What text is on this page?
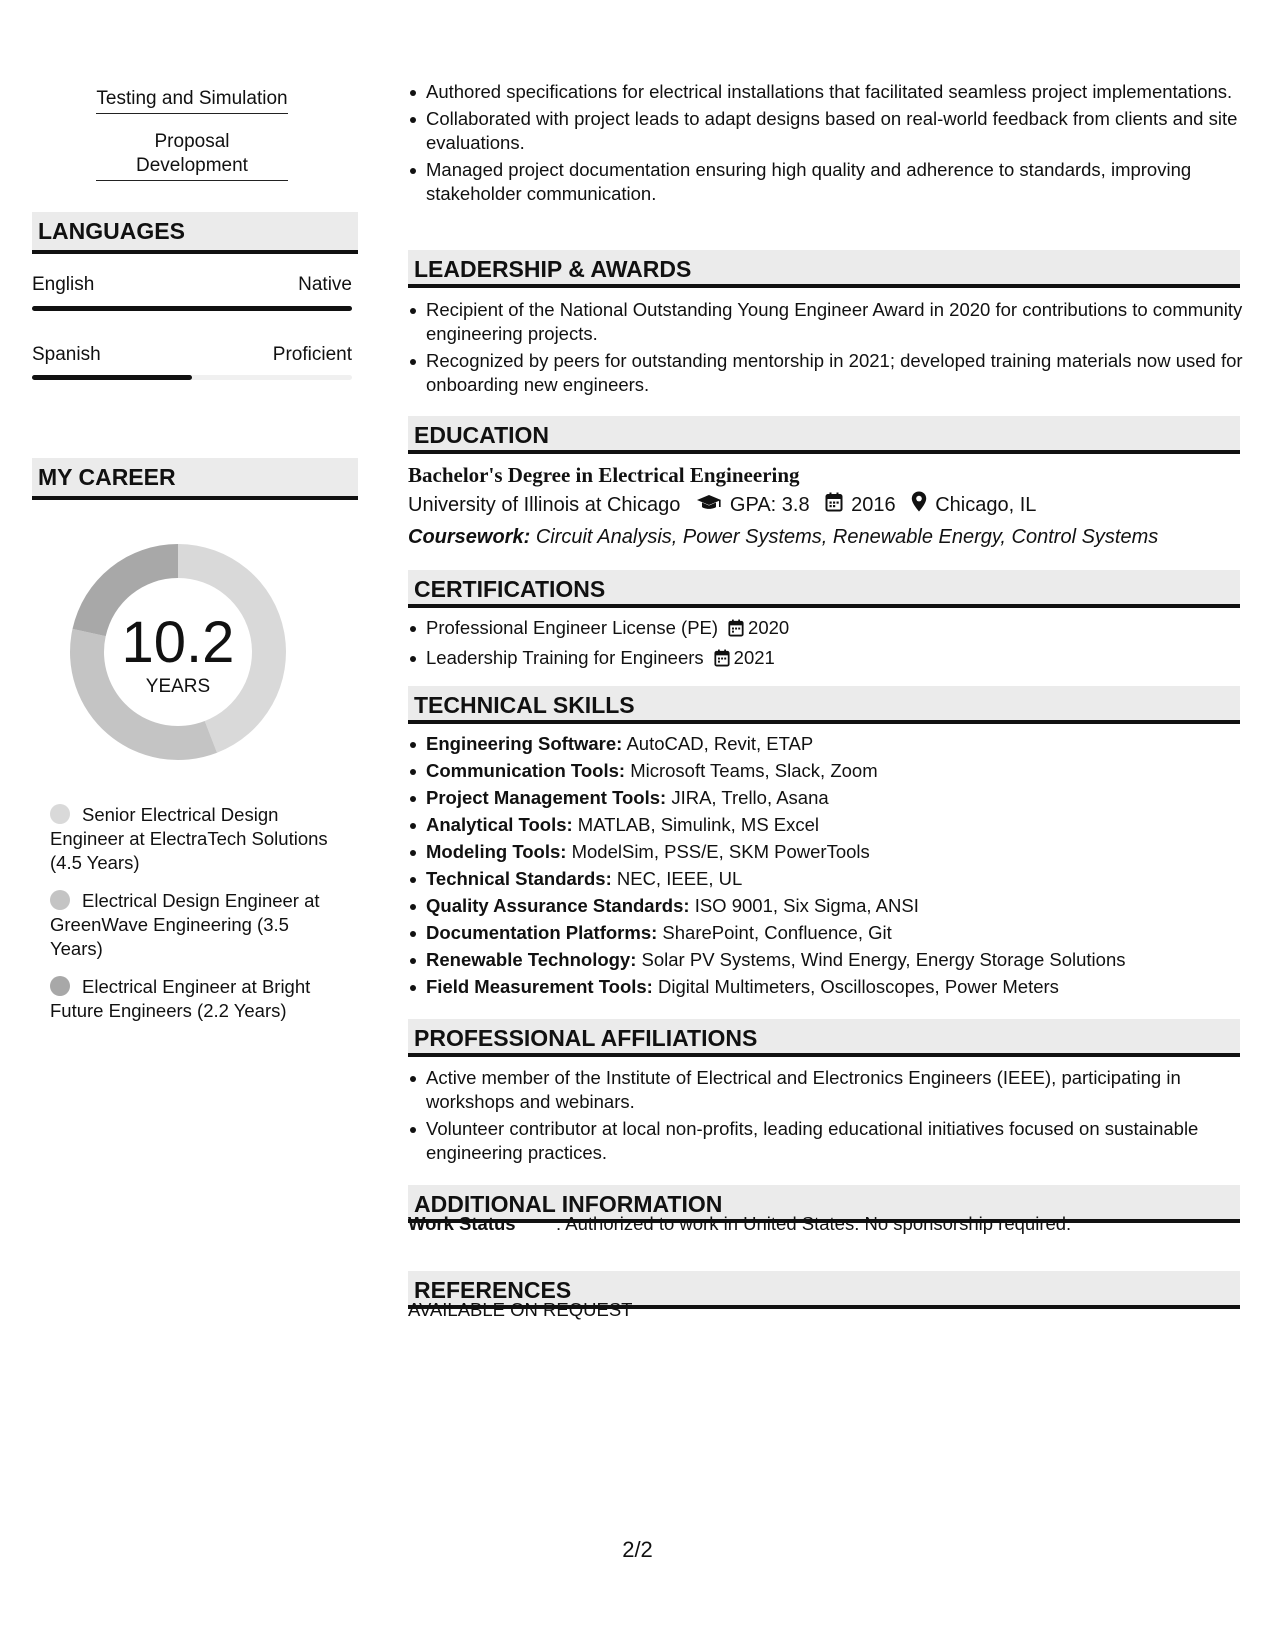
Testing and Simulation
Proposal Development
LANGUAGES
English	Native
Spanish	Proficient
MY CAREER
10.2
YEARS
Senior Electrical Design Engineer at ElectraTech Solutions (4.5 Years)
Electrical Design Engineer at GreenWave Engineering (3.5 Years)
Electrical Engineer at Bright Future Engineers (2.2 Years)
Authored specifications for electrical installations that facilitated seamless project implementations.
Collaborated with project leads to adapt designs based on real-world feedback from clients and site evaluations.
Managed project documentation ensuring high quality and adherence to standards, improving stakeholder communication.
LEADERSHIP & AWARDS
Recipient of the National Outstanding Young Engineer Award in 2020 for contributions to community engineering projects.
Recognized by peers for outstanding mentorship in 2021; developed training materials now used for onboarding new engineers.
EDUCATION
Bachelor's Degree in Electrical Engineering
University of Illinois at Chicago GPA: 3.8 2016 Chicago, IL
Coursework: Circuit Analysis, Power Systems, Renewable Energy, Control Systems
CERTIFICATIONS
Professional Engineer License (PE) 2020
Leadership Training for Engineers 2021
TECHNICAL SKILLS
Engineering Software: AutoCAD, Revit, ETAP
Communication Tools: Microsoft Teams, Slack, Zoom
Project Management Tools: JIRA, Trello, Asana
Analytical Tools: MATLAB, Simulink, MS Excel
Modeling Tools: ModelSim, PSS/E, SKM PowerTools
Technical Standards: NEC, IEEE, UL
Quality Assurance Standards: ISO 9001, Six Sigma, ANSI
Documentation Platforms: SharePoint, Confluence, Git
Renewable Technology: Solar PV Systems, Wind Energy, Energy Storage Solutions
Field Measurement Tools: Digital Multimeters, Oscilloscopes, Power Meters
PROFESSIONAL AFFILIATIONS
Active member of the Institute of Electrical and Electronics Engineers (IEEE), participating in workshops and webinars.
Volunteer contributor at local non-profits, leading educational initiatives focused on sustainable engineering practices.
ADDITIONAL INFORMATION
Work Status : Authorized to work in United States. No sponsorship required.
REFERENCES
AVAILABLE ON REQUEST
2/2
